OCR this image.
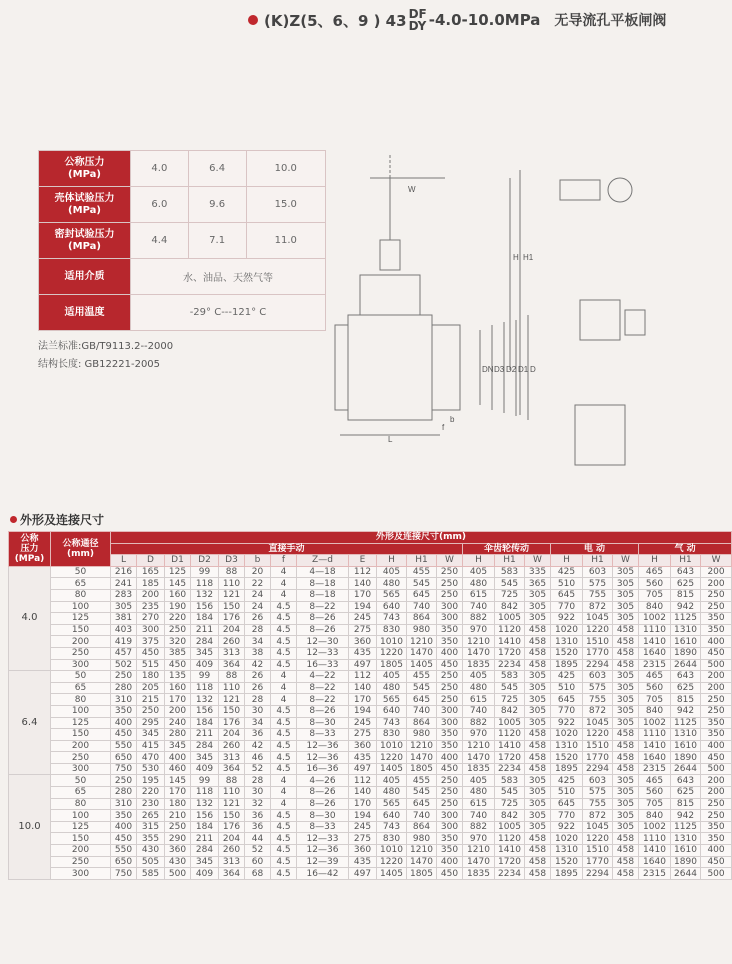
(K)Z(5、6、9 ) 43 DF
DY -4.0-10.0MPa 无导流孔平板闸阀
公称压力
(MPa)	4.0	6.4	10.0
壳体试验压力
(MPa)	6.0	9.6	15.0
密封试验压力
(MPa)	4.4	7.1	11.0
适用介质	水、油品、天然气等		
适用温度	-29° C---121° C		
法兰标准:GB/T9113.2--2000
结构长度: GB12221-2005
W
L
b
f
DN D3 D2 D1 D
H H1
外形及连接尺寸
公称
压力
(MPa)	公称通径
(mm)	外形及连接尺寸(mm)																				
		直接手动												伞齿轮传动			电 动			气 动		
		L	D	D1	D2	D3	b	f	Z—d	E	H	H1	W	H	H1	W	H	H1	W	H	H1	W
4.0	50	216	165	125	99	88	20	4	4—18	112	405	455	250	405	583	335	425	603	305	465	643	200
	65	241	185	145	118	110	22	4	8—18	140	480	545	250	480	545	365	510	575	305	560	625	200
	80	283	200	160	132	121	24	4	8—18	170	565	645	250	615	725	305	645	755	305	705	815	250
	100	305	235	190	156	150	24	4.5	8—22	194	640	740	300	740	842	305	770	872	305	840	942	250
	125	381	270	220	184	176	26	4.5	8—26	245	743	864	300	882	1005	305	922	1045	305	1002	1125	350
	150	403	300	250	211	204	28	4.5	8—26	275	830	980	350	970	1120	458	1020	1220	458	1110	1310	350
	200	419	375	320	284	260	34	4.5	12—30	360	1010	1210	350	1210	1410	458	1310	1510	458	1410	1610	400
	250	457	450	385	345	313	38	4.5	12—33	435	1220	1470	400	1470	1720	458	1520	1770	458	1640	1890	450
	300	502	515	450	409	364	42	4.5	16—33	497	1805	1405	450	1835	2234	458	1895	2294	458	2315	2644	500
6.4	50	250	180	135	99	88	26	4	4—22	112	405	455	250	405	583	305	425	603	305	465	643	200
	65	280	205	160	118	110	26	4	8—22	140	480	545	250	480	545	305	510	575	305	560	625	200
	80	310	215	170	132	121	28	4	8—22	170	565	645	250	615	725	305	645	755	305	705	815	250
	100	350	250	200	156	150	30	4.5	8—26	194	640	740	300	740	842	305	770	872	305	840	942	250
	125	400	295	240	184	176	34	4.5	8—30	245	743	864	300	882	1005	305	922	1045	305	1002	1125	350
	150	450	345	280	211	204	36	4.5	8—33	275	830	980	350	970	1120	458	1020	1220	458	1110	1310	350
	200	550	415	345	284	260	42	4.5	12—36	360	1010	1210	350	1210	1410	458	1310	1510	458	1410	1610	400
	250	650	470	400	345	313	46	4.5	12—36	435	1220	1470	400	1470	1720	458	1520	1770	458	1640	1890	450
	300	750	530	460	409	364	52	4.5	16—36	497	1405	1805	450	1835	2234	458	1895	2294	458	2315	2644	500
10.0	50	250	195	145	99	88	28	4	4—26	112	405	455	250	405	583	305	425	603	305	465	643	200
	65	280	220	170	118	110	30	4	8—26	140	480	545	250	480	545	305	510	575	305	560	625	200
	80	310	230	180	132	121	32	4	8—26	170	565	645	250	615	725	305	645	755	305	705	815	250
	100	350	265	210	156	150	36	4.5	8—30	194	640	740	300	740	842	305	770	872	305	840	942	250
	125	400	315	250	184	176	36	4.5	8—33	245	743	864	300	882	1005	305	922	1045	305	1002	1125	350
	150	450	355	290	211	204	44	4.5	12—33	275	830	980	350	970	1120	458	1020	1220	458	1110	1310	350
	200	550	430	360	284	260	52	4.5	12—36	360	1010	1210	350	1210	1410	458	1310	1510	458	1410	1610	400
	250	650	505	430	345	313	60	4.5	12—39	435	1220	1470	400	1470	1720	458	1520	1770	458	1640	1890	450
	300	750	585	500	409	364	68	4.5	16—42	497	1405	1805	450	1835	2234	458	1895	2294	458	2315	2644	500
